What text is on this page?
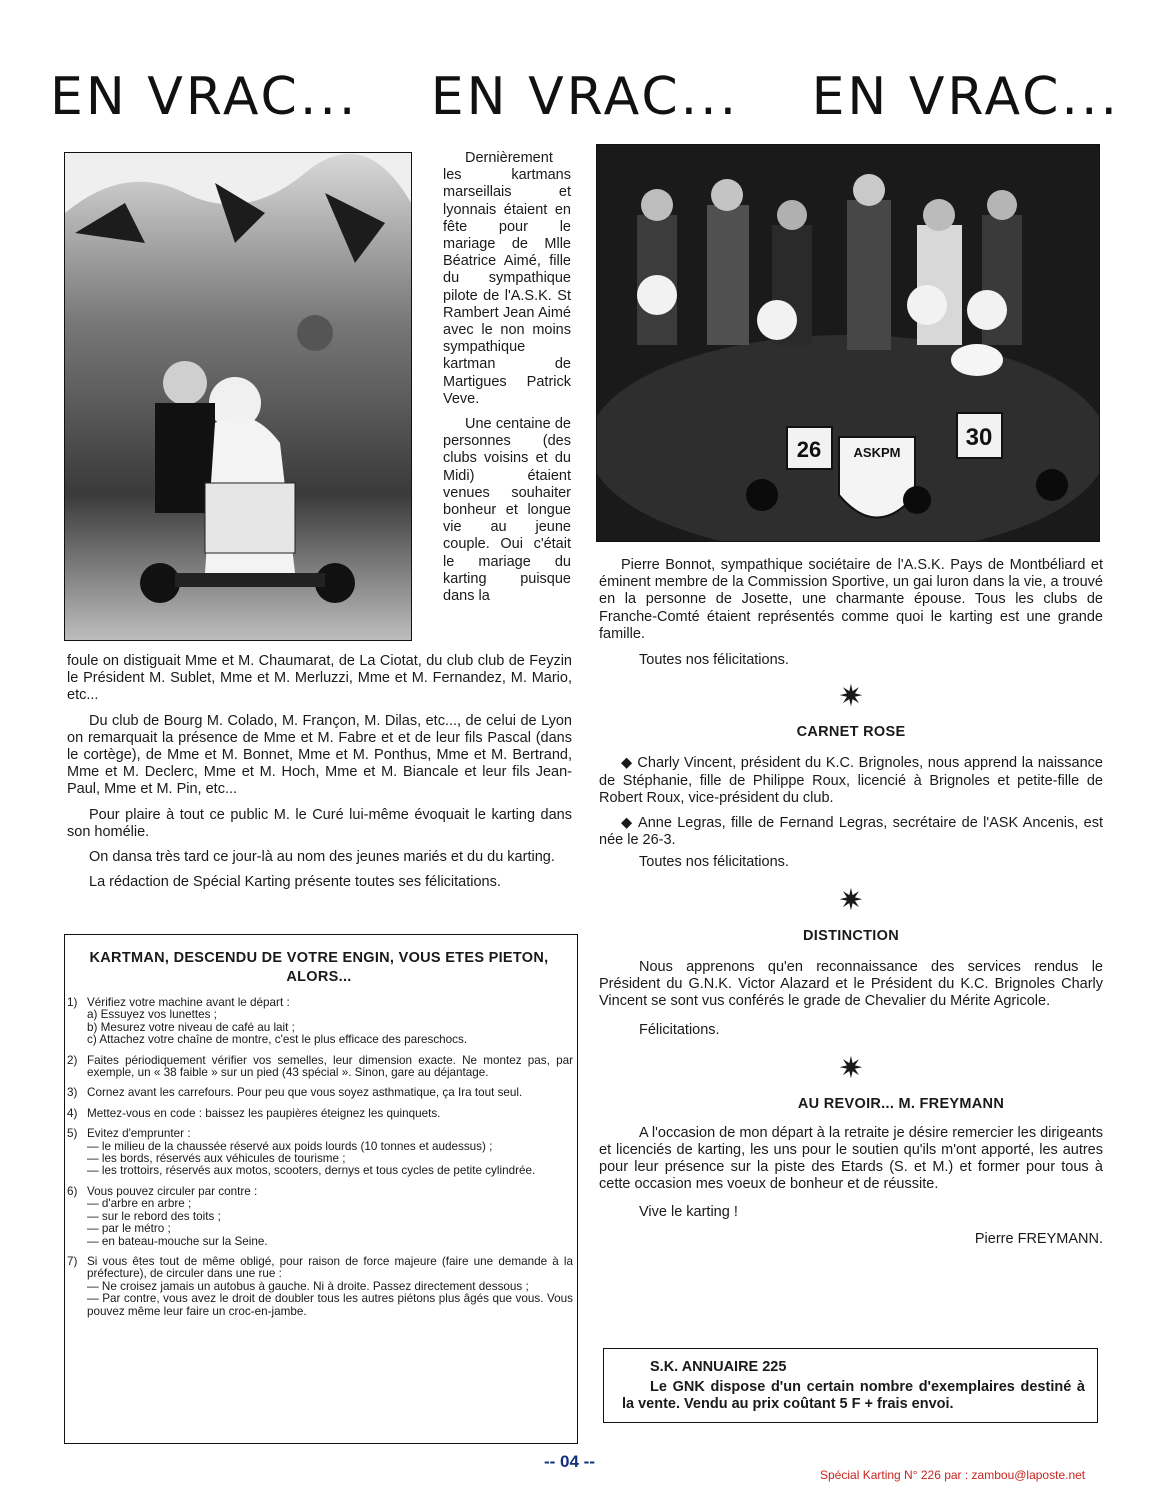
EN VRAC... EN VRAC... EN VRAC...

Dernièrement les kartmans marseillais et lyonnais étaient en fête pour le mariage de Mlle Béatrice Aimé, fille du sympathique pilote de l'A.S.K. St Rambert Jean Aimé avec le non moins sympathique kartman de Martigues Patrick Veve.

Une centaine de personnes (des clubs voisins et du Midi) étaient venues souhaiter bonheur et longue vie au jeune couple. Oui c'était le mariage du karting puisque dans la

foule on distiguait Mme et M. Chaumarat, de La Ciotat, du club club de Feyzin le Président M. Sublet, Mme et M. Merluzzi, Mme et M. Fernandez, M. Mario, etc...

Du club de Bourg M. Colado, M. Françon, M. Dilas, etc..., de celui de Lyon on remarquait la présence de Mme et M. Fabre et et de leur fils Pascal (dans le cortège), de Mme et M. Bonnet, Mme et M. Ponthus, Mme et M. Bertrand, Mme et M. Declerc, Mme et M. Hoch, Mme et M. Biancale et leur fils Jean-Paul, Mme et M. Pin, etc...

Pour plaire à tout ce public M. le Curé lui-même évoquait le karting dans son homélie.

On dansa très tard ce jour-là au nom des jeunes mariés et du du karting.

La rédaction de Spécial Karting présente toutes ses félicitations.

KARTMAN, DESCENDU DE VOTRE ENGIN, VOUS ETES PIETON, ALORS...
1) Vérifiez votre machine avant le départ :
a) Essuyez vos lunettes ;
b) Mesurez votre niveau de café au lait ;
c) Attachez votre chaîne de montre, c'est le plus efficace des pareschocs.
2) Faites périodiquement vérifier vos semelles, leur dimension exacte. Ne montez pas, par exemple, un « 38 faible » sur un pied (43 spécial ». Sinon, gare au déjantage.
3) Cornez avant les carrefours. Pour peu que vous soyez asthmatique, ça Ira tout seul.
4) Mettez-vous en code : baissez les paupières éteignez les quinquets.
5) Evitez d'emprunter :
— le milieu de la chaussée réservé aux poids lourds (10 tonnes et audessus) ;
— les bords, réservés aux véhicules de tourisme ;
— les trottoirs, réservés aux motos, scooters, dernys et tous cycles de petite cylindrée.
6) Vous pouvez circuler par contre :
— d'arbre en arbre ;
— sur le rebord des toits ;
— par le métro ;
— en bateau-mouche sur la Seine.
7) Si vous êtes tout de même obligé, pour raison de force majeure (faire une demande à la préfecture), de circuler dans une rue :
— Ne croisez jamais un autobus à gauche. Ni à droite. Passez directement dessous ;
— Par contre, vous avez le droit de doubler tous les autres piétons plus âgés que vous. Vous pouvez même leur faire un croc-en-jambe.
26 ASKPM
30

Pierre Bonnot, sympathique sociétaire de l'A.S.K. Pays de Montbéliard et éminent membre de la Commission Sportive, un gai luron dans la vie, a trouvé en la personne de Josette, une charmante épouse. Tous les clubs de Franche-Comté étaient représentés comme quoi le karting est une grande famille.

Toutes nos félicitations.

✷
CARNET ROSE

◆ Charly Vincent, président du K.C. Brignoles, nous apprend la naissance de Stéphanie, fille de Philippe Roux, licencié à Brignoles et petite-fille de Robert Roux, vice-président du club.

◆ Anne Legras, fille de Fernand Legras, secrétaire de l'ASK Ancenis, est née le 26-3.

Toutes nos félicitations.

✷
DISTINCTION

Nous apprenons qu'en reconnaissance des services rendus le Président du G.N.K. Victor Alazard et le Président du K.C. Brignoles Charly Vincent se sont vus conférés le grade de Chevalier du Mérite Agricole.

Félicitations.

✷
AU REVOIR... M. FREYMANN

A l'occasion de mon départ à la retraite je désire remercier les dirigeants et licenciés de karting, les uns pour le soutien qu'ils m'ont apporté, les autres pour leur présence sur la piste des Etards (S. et M.) et former pour tous à cette occasion mes voeux de bonheur et de réussite.

Vive le karting !

Pierre FREYMANN.

S.K. ANNUAIRE 225
Le GNK dispose d'un certain nombre d'exemplaires destiné à la vente. Vendu au prix coûtant 5 F + frais envoi.
-- 04 --
Spécial Karting N° 226 par : zambou@laposte.net
